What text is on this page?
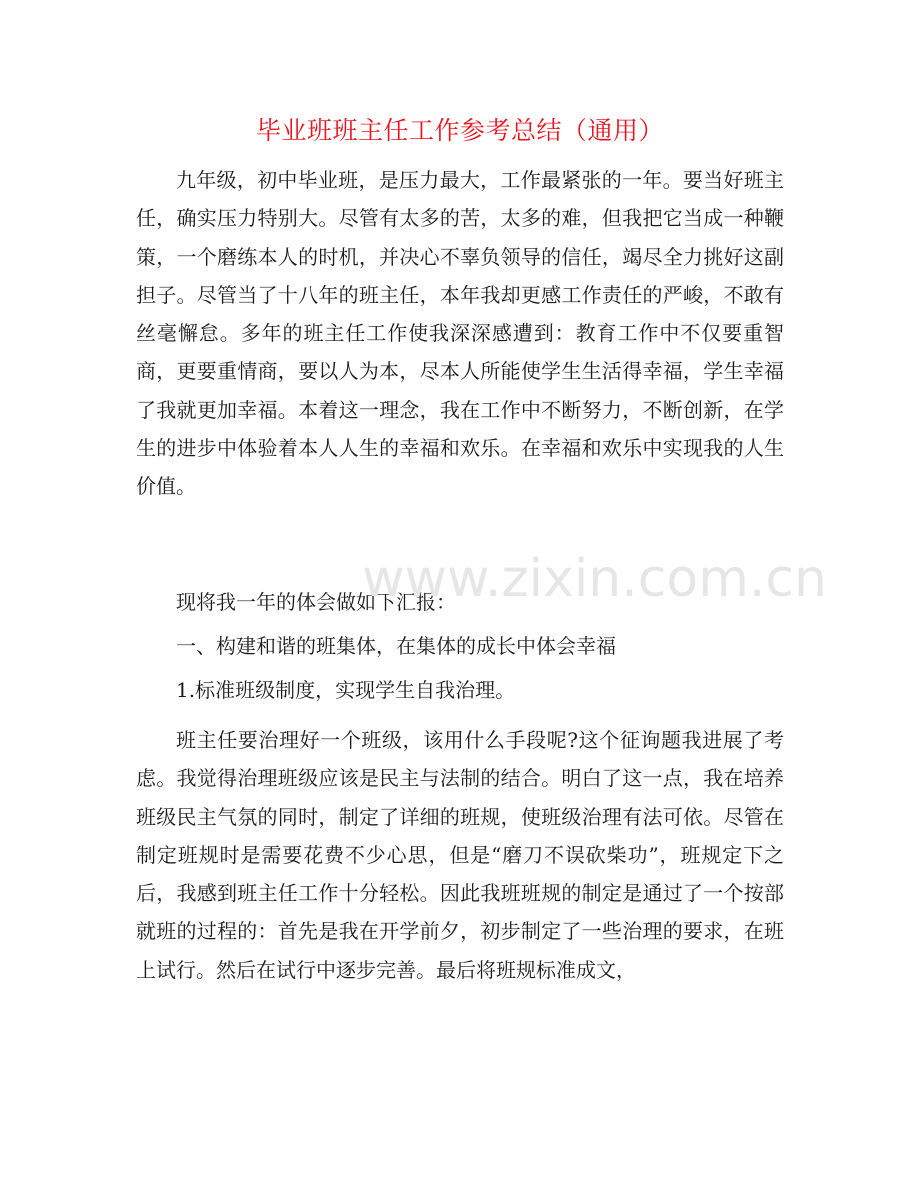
毕业班班主任工作参考总结（通用）

九年级，初中毕业班，是压力最大，工作最紧张的一年。要当好班主任，确实压力特别大。尽管有太多的苦，太多的难，但我把它当成一种鞭策，一个磨练本人的时机，并决心不辜负领导的信任，竭尽全力挑好这副担子。尽管当了十八年的班主任，本年我却更感工作责任的严峻，不敢有丝毫懈怠。多年的班主任工作使我深深感遭到：教育工作中不仅要重智商，更要重情商，要以人为本，尽本人所能使学生生活得幸福，学生幸福了我就更加幸福。本着这一理念，我在工作中不断努力，不断创新，在学生的进步中体验着本人人生的幸福和欢乐。在幸福和欢乐中实现我的人生价值。

现将我一年的体会做如下汇报：

一、构建和谐的班集体，在集体的成长中体会幸福

1.标准班级制度，实现学生自我治理。

班主任要治理好一个班级，该用什么手段呢?这个征询题我进展了考虑。我觉得治理班级应该是民主与法制的结合。明白了这一点，我在培养班级民主气氛的同时，制定了详细的班规，使班级治理有法可依。尽管在制定班规时是需要花费不少心思，但是“磨刀不误砍柴功”，班规定下之后，我感到班主任工作十分轻松。因此我班班规的制定是通过了一个按部就班的过程的：首先是我在开学前夕，初步制定了一些治理的要求，在班上试行。然后在试行中逐步完善。最后将班规标准成文，

www.zixin.com.cn
